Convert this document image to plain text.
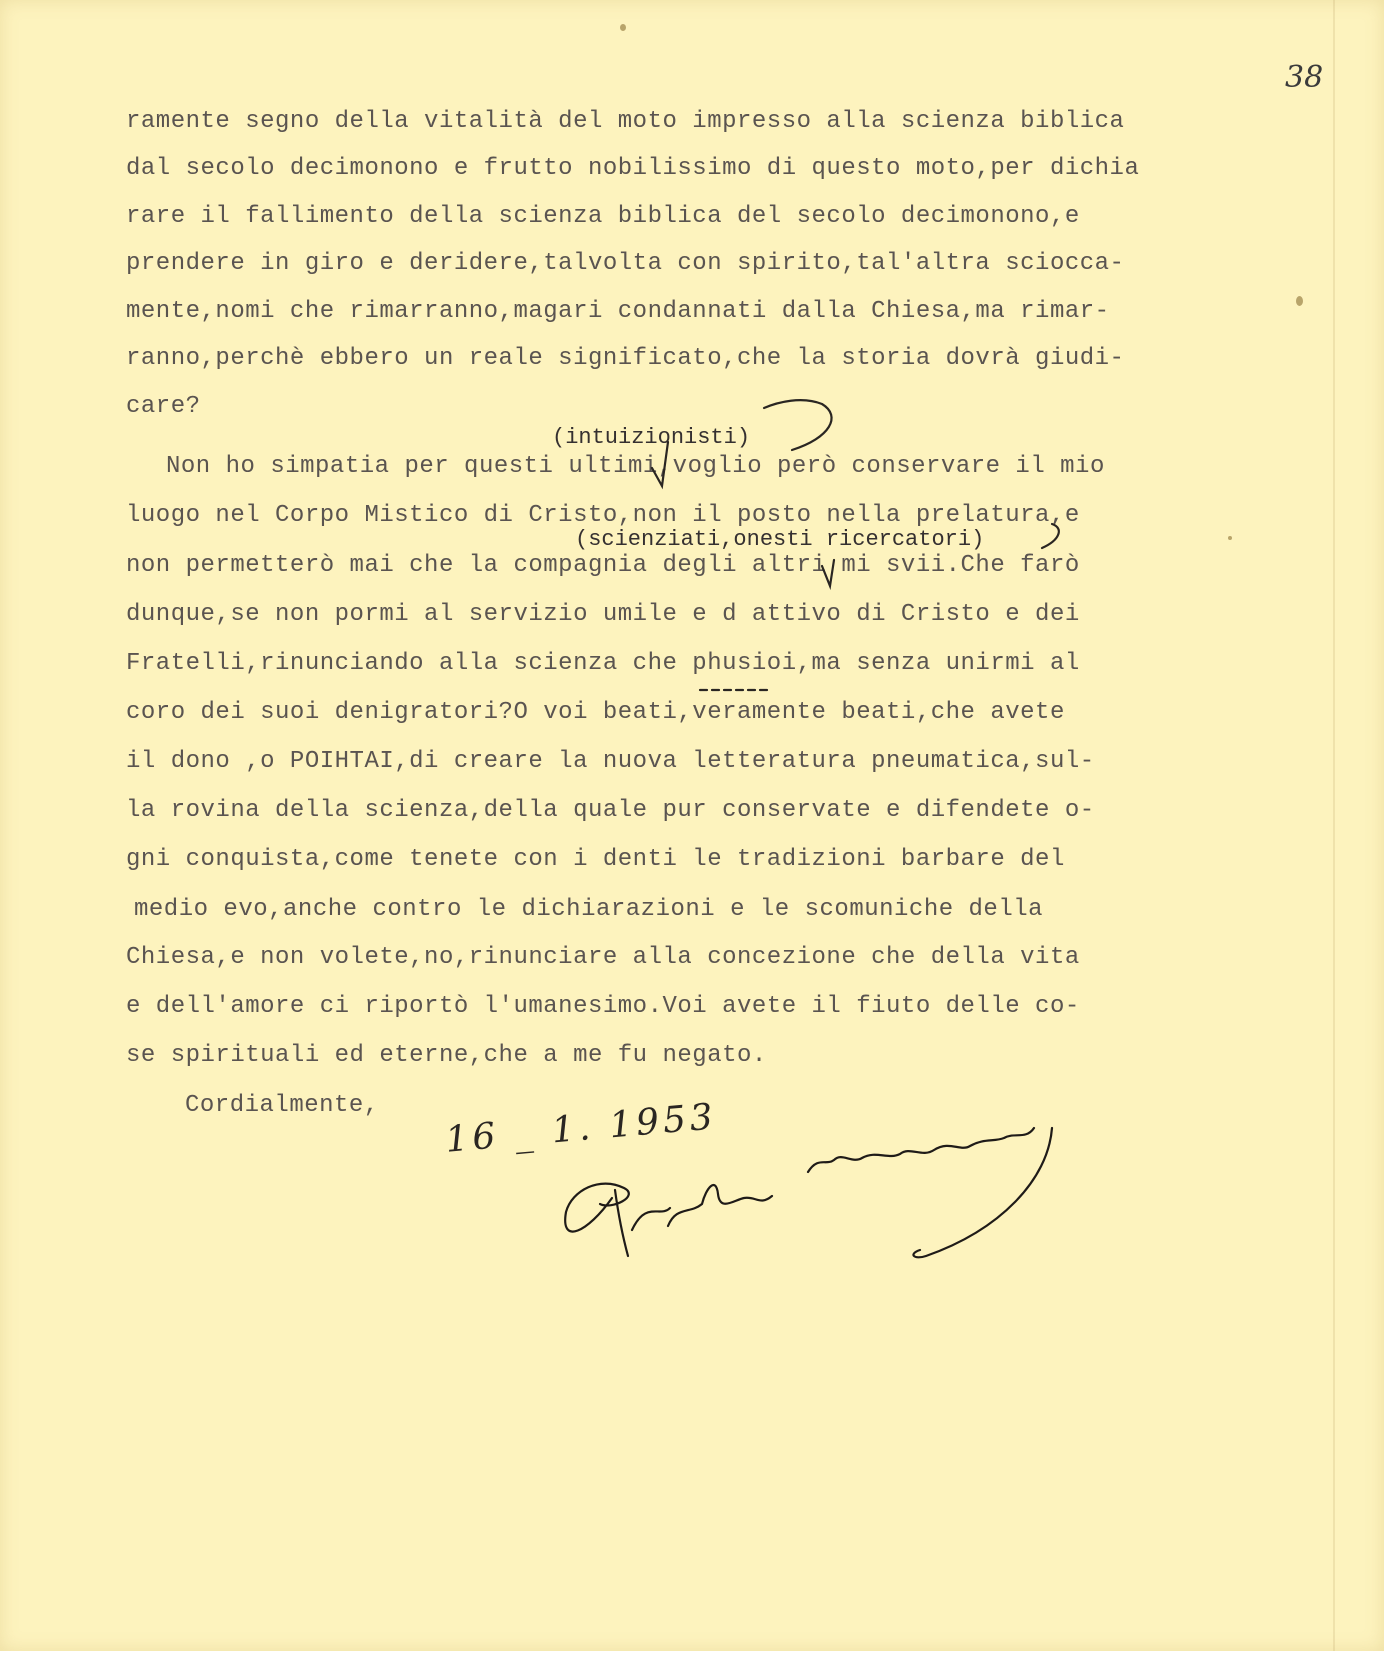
38

ramente segno della vitalità del moto impresso alla scienza biblica

dal secolo decimonono e frutto nobilissimo di questo moto,per dichia

rare il fallimento della scienza biblica del secolo decimonono,e

prendere in giro e deridere,talvolta con spirito,tal'altra sciocca-

mente,nomi che rimarranno,magari condannati dalla Chiesa,ma rimar-

ranno,perchè ebbero un reale significato,che la storia dovrà giudi-

care?

(intuizionisti)

Non ho simpatia per questi ultimi,voglio però conservare il mio

luogo nel Corpo Mistico di Cristo,non il posto nella prelatura,e

(scienziati,onesti ricercatori)

non permetterò mai che la compagnia degli altri mi svii.Che farò

dunque,se non pormi al servizio umile e d attivo di Cristo e dei

Fratelli,rinunciando alla scienza che phusioi,ma senza unirmi al

coro dei suoi denigratori?O voi beati,veramente beati,che avete

il dono ,o POIHTAI,di creare la nuova letteratura pneumatica,sul-

la rovina della scienza,della quale pur conservate e difendete o-

gni conquista,come tenete con i denti le tradizioni barbare del

medio evo,anche contro le dichiarazioni e le scomuniche della

Chiesa,e non volete,no,rinunciare alla concezione che della vita

e dell'amore ci riportò l'umanesimo.Voi avete il fiuto delle co-

se spirituali ed eterne,che a me fu negato.

Cordialmente, 16 _ 1. 1953
